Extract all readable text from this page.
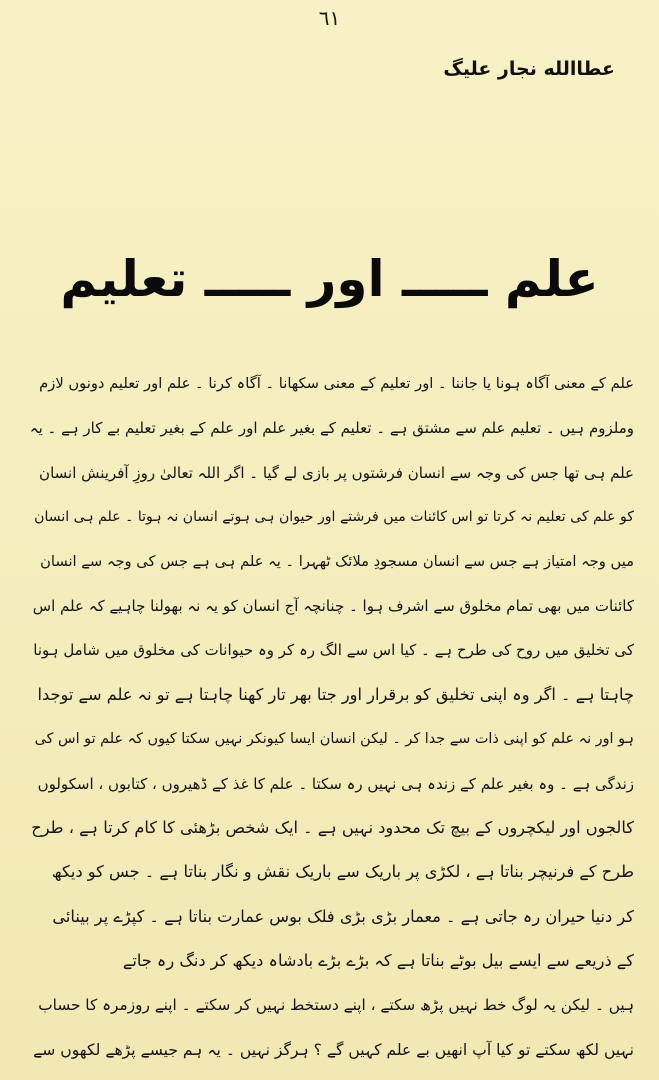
٦١
عطاالله نجار علیگ
علم ـــــ اور ـــــ تعلیم
علم کے معنی آگاہ ہونا یا جاننا ۔ اور تعلیم کے معنی سکھانا ۔ آگاہ کرنا ۔ علم اور تعلیم دونوں لازم
وملزوم ہیں ۔ تعلیم علم سے مشتق ہے ۔ تعلیم کے بغیر علم اور علم کے بغیر تعلیم بے کار ہے ۔ یہ
علم ہی تھا جس کی وجہ سے انسان فرشتوں پر بازی لے گیا ۔ اگر اللہ تعالیٰ روزِ آفرینش انسان
کو علم کی تعلیم نہ کرتا تو اس کائنات میں فرشتے اور حیوان ہی ہوتے انسان نہ ہوتا ۔ علم ہی انسان
میں وجہ امتیاز ہے جس سے انسان مسجودِ ملائک ٹھہرا ۔ یہ علم ہی ہے جس کی وجہ سے انسان
کائنات میں بھی تمام مخلوق سے اشرف ہوا ۔ چنانچہ آج انسان کو یہ نہ بھولنا چاہیے کہ علم اس
کی تخلیق میں روح کی طرح ہے ۔ کیا اس سے الگ رہ کر وہ حیوانات کی مخلوق میں شامل ہونا
چاہتا ہے ۔ اگر وہ اپنی تخلیق کو برقرار اور جتا بھر تار کھنا چاہتا ہے تو نہ علم سے توجدا
ہو اور نہ علم کو اپنی ذات سے جدا کر ۔ لیکن انسان ایسا کیونکر نہیں سکتا کیوں کہ علم تو اس کی
زندگی ہے ۔ وہ بغیر علم کے زندہ ہی نہیں رہ سکتا ۔ علم کا غذ کے ڈھیروں ، کتابوں ، اسکولوں
کالجوں اور لیکچروں کے بیچ تک محدود نہیں ہے ۔ ایک شخص بڑھئی کا کام کرتا ہے ، طرح
طرح کے فرنیچر بناتا ہے ، لکڑی پر باریک سے باریک نقش و نگار بناتا ہے ۔ جس کو دیکھ
کر دنیا حیران رہ جاتی ہے ۔ معمار بڑی بڑی فلک بوس عمارت بناتا ہے ۔ کپڑے پر بینائی
کے ذریعے سے ایسے بیل بوٹے بناتا ہے کہ بڑے بڑے بادشاہ دیکھ کر دنگ رہ جاتے
ہیں ۔ لیکن یہ لوگ خط نہیں پڑھ سکتے ، اپنے دستخط نہیں کر سکتے ۔ اپنے روزمرہ کا حساب
نہیں لکھ سکتے تو کیا آپ انھیں بے علم کہیں گے ؟ ہرگز نہیں ۔ یہ ہم جیسے پڑھے لکھوں سے
